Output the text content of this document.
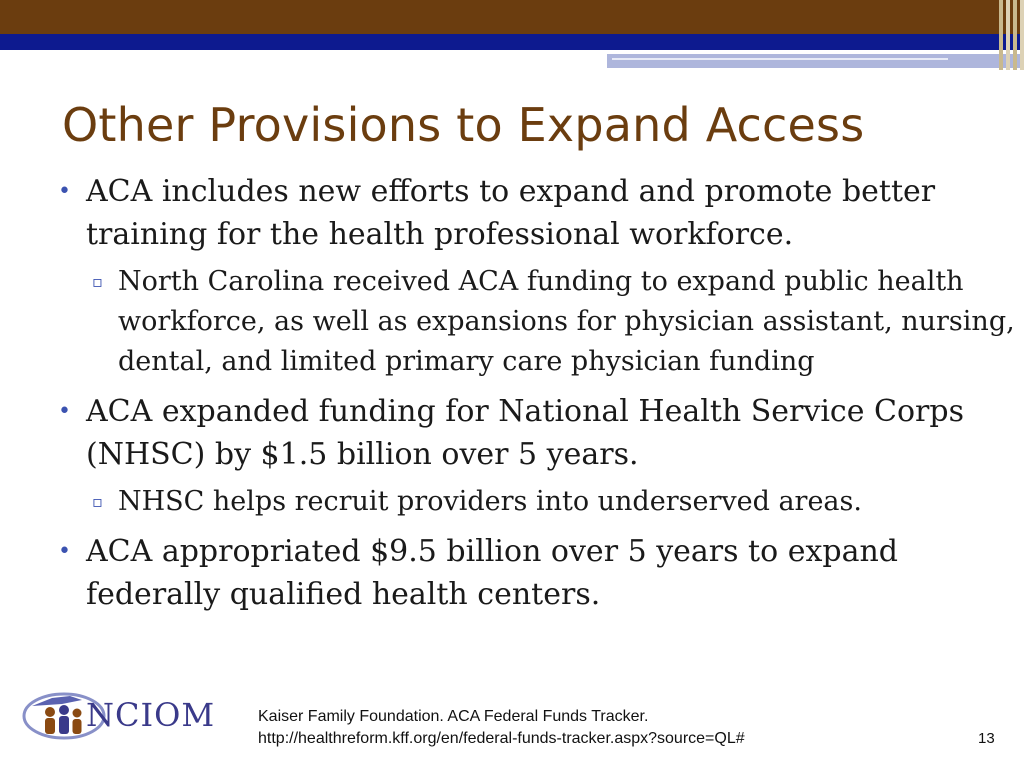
Other Provisions to Expand Access

• ACA includes new efforts to expand and promote better training for the health professional workforce.

▫ North Carolina received ACA funding to expand public health workforce, as well as expansions for physician assistant, nursing, dental, and limited primary care physician funding

• ACA expanded funding for National Health Service Corps (NHSC) by $1.5 billion over 5 years.

▫ NHSC helps recruit providers into underserved areas.

• ACA appropriated $9.5 billion over 5 years to expand federally qualified health centers.

NCIOM	Kaiser Family Foundation. ACA Federal Funds Tracker.
http://healthreform.kff.org/en/federal-funds-tracker.aspx?source=QL#	13
